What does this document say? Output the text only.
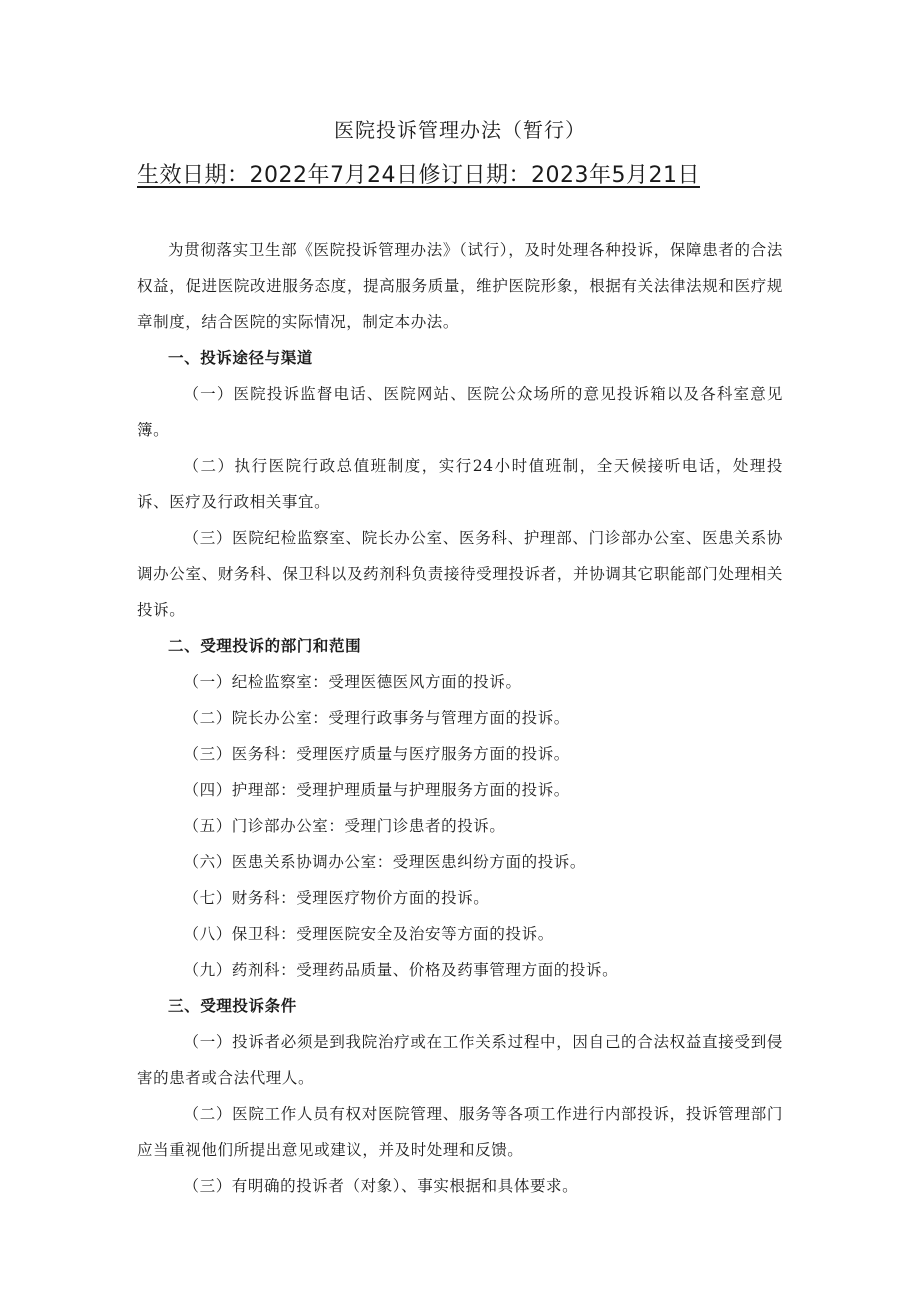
医院投诉管理办法（暂行）
生效日期：2022年7月24日修订日期：2023年5月21日

为贯彻落实卫生部《医院投诉管理办法》（试行），及时处理各种投诉，保障患者的合法权益，促进医院改进服务态度，提高服务质量，维护医院形象，根据有关法律法规和医疗规章制度，结合医院的实际情况，制定本办法。

一、投诉途径与渠道

（一）医院投诉监督电话、医院网站、医院公众场所的意见投诉箱以及各科室意见簿。

（二）执行医院行政总值班制度，实行24小时值班制，全天候接听电话，处理投诉、医疗及行政相关事宜。

（三）医院纪检监察室、院长办公室、医务科、护理部、门诊部办公室、医患关系协调办公室、财务科、保卫科以及药剂科负责接待受理投诉者，并协调其它职能部门处理相关投诉。

二、受理投诉的部门和范围

（一）纪检监察室：受理医德医风方面的投诉。

（二）院长办公室：受理行政事务与管理方面的投诉。

（三）医务科：受理医疗质量与医疗服务方面的投诉。

（四）护理部：受理护理质量与护理服务方面的投诉。

（五）门诊部办公室：受理门诊患者的投诉。

（六）医患关系协调办公室：受理医患纠纷方面的投诉。

（七）财务科：受理医疗物价方面的投诉。

（八）保卫科：受理医院安全及治安等方面的投诉。

（九）药剂科：受理药品质量、价格及药事管理方面的投诉。

三、受理投诉条件

（一）投诉者必须是到我院治疗或在工作关系过程中，因自己的合法权益直接受到侵害的患者或合法代理人。

（二）医院工作人员有权对医院管理、服务等各项工作进行内部投诉，投诉管理部门应当重视他们所提出意见或建议，并及时处理和反馈。

（三）有明确的投诉者（对象）、事实根据和具体要求。
